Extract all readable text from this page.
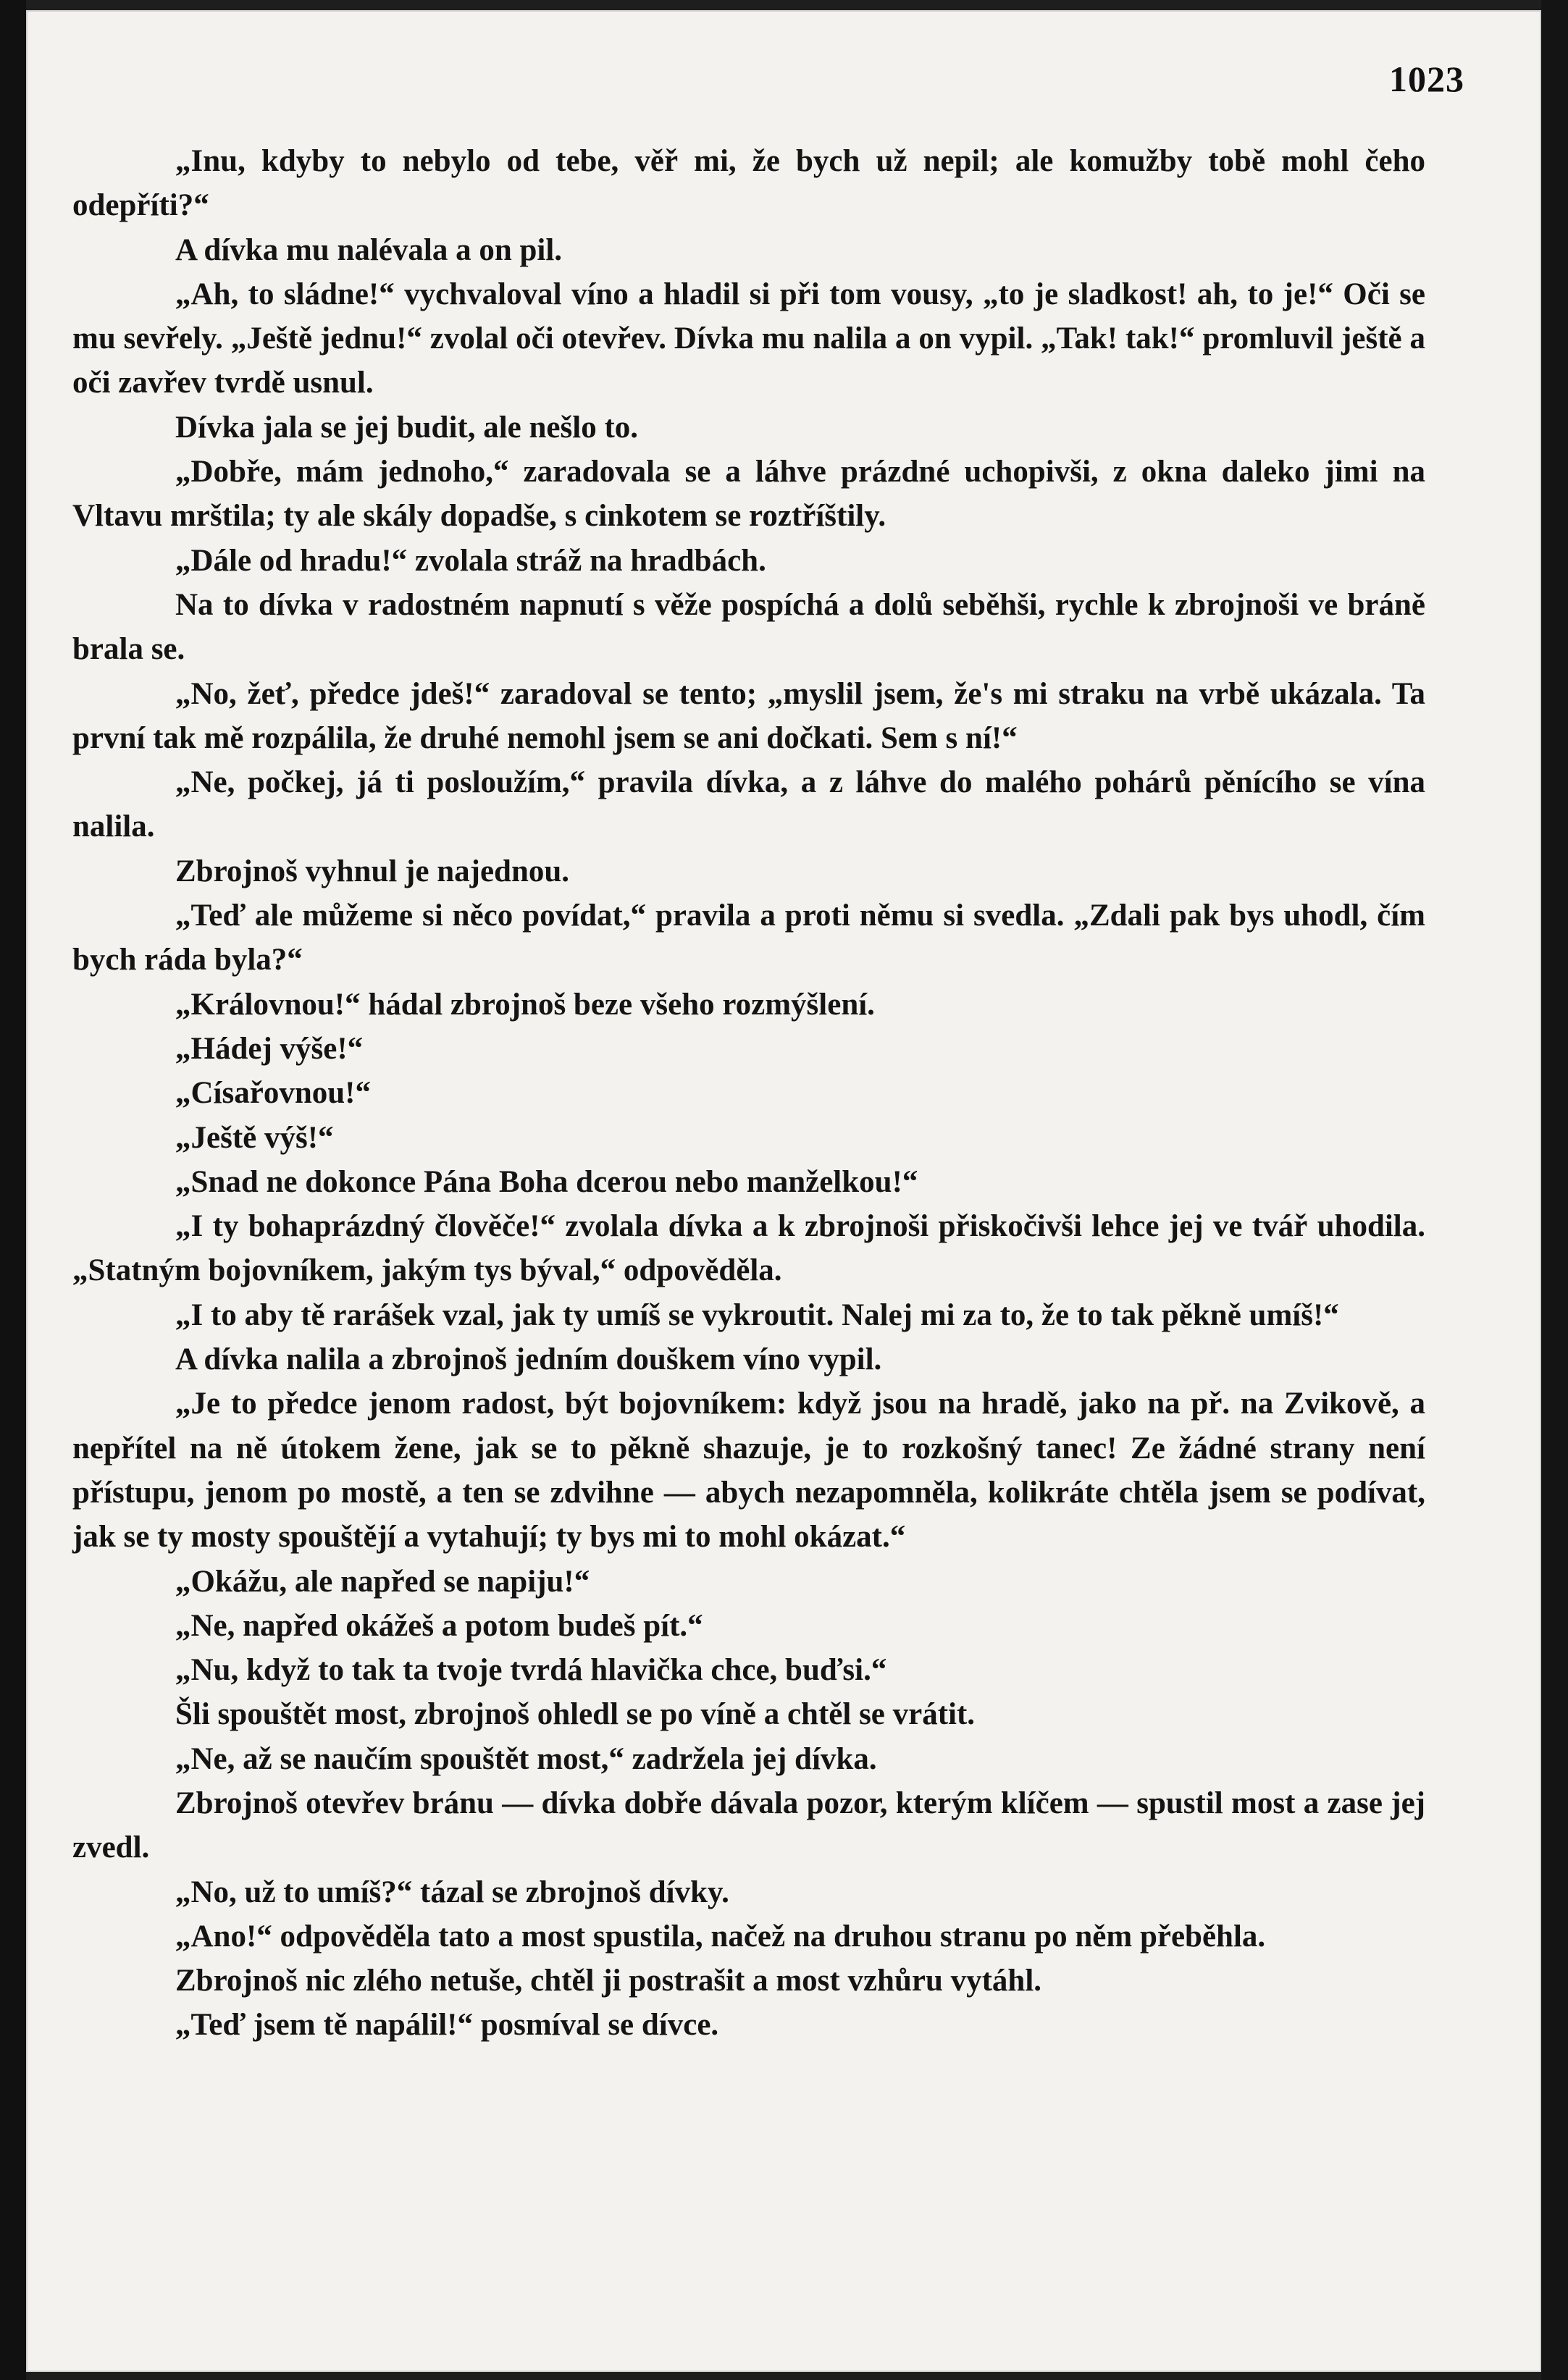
1023

„Inu, kdyby to nebylo od tebe, věř mi, že bych už nepil; ale komužby tobě mohl čeho odepříti?“

A dívka mu nalévala a on pil.

„Ah, to sládne!“ vychvaloval víno a hladil si při tom vousy, „to je sladkost! ah, to je!“ Oči se mu sevřely. „Ještě jednu!“ zvolal oči otevřev. Dívka mu nalila a on vypil. „Tak! tak!“ promluvil ještě a oči zavřev tvrdě usnul.

Dívka jala se jej budit, ale nešlo to.

„Dobře, mám jednoho,“ zaradovala se a láhve prázdné uchopivši, z okna daleko jimi na Vltavu mrštila; ty ale skály dopadše, s cinkotem se roztříštily.

„Dále od hradu!“ zvolala stráž na hradbách.

Na to dívka v radostném napnutí s věže pospíchá a dolů seběhši, rychle k zbrojnoši ve bráně brala se.

„No, žeť, předce jdeš!“ zaradoval se tento; „myslil jsem, že's mi straku na vrbě ukázala. Ta první tak mě rozpálila, že druhé nemohl jsem se ani dočkati. Sem s ní!“

„Ne, počkej, já ti posloužím,“ pravila dívka, a z láhve do malého pohárů pěnícího se vína nalila.

Zbrojnoš vyhnul je najednou.

„Teď ale můžeme si něco povídat,“ pravila a proti němu si svedla. „Zdali pak bys uhodl, čím bych ráda byla?“

„Královnou!“ hádal zbrojnoš beze všeho rozmýšlení.

„Hádej výše!“

„Císařovnou!“

„Ještě výš!“

„Snad ne dokonce Pána Boha dcerou nebo manželkou!“

„I ty bohaprázdný člověče!“ zvolala dívka a k zbrojnoši přiskočivši lehce jej ve tvář uhodila. „Statným bojovníkem, jakým tys býval,“ odpověděla.

„I to aby tě rarášek vzal, jak ty umíš se vykroutit. Nalej mi za to, že to tak pěkně umíš!“

A dívka nalila a zbrojnoš jedním douškem víno vypil.

„Je to předce jenom radost, být bojovníkem: když jsou na hradě, jako na př. na Zvikově, a nepřítel na ně útokem žene, jak se to pěkně shazuje, je to rozkošný tanec! Ze žádné strany není přístupu, jenom po mostě, a ten se zdvihne — abych nezapomněla, kolikráte chtěla jsem se podívat, jak se ty mosty spouštějí a vytahují; ty bys mi to mohl okázat.“

„Okážu, ale napřed se napiju!“

„Ne, napřed okážeš a potom budeš pít.“

„Nu, když to tak ta tvoje tvrdá hlavička chce, buďsi.“

Šli spouštět most, zbrojnoš ohledl se po víně a chtěl se vrátit.

„Ne, až se naučím spouštět most,“ zadržela jej dívka.

Zbrojnoš otevřev bránu — dívka dobře dávala pozor, kterým klíčem — spustil most a zase jej zvedl.

„No, už to umíš?“ tázal se zbrojnoš dívky.

„Ano!“ odpověděla tato a most spustila, načež na druhou stranu po něm přeběhla.

Zbrojnoš nic zlého netuše, chtěl ji postrašit a most vzhůru vytáhl.

„Teď jsem tě napálil!“ posmíval se dívce.
